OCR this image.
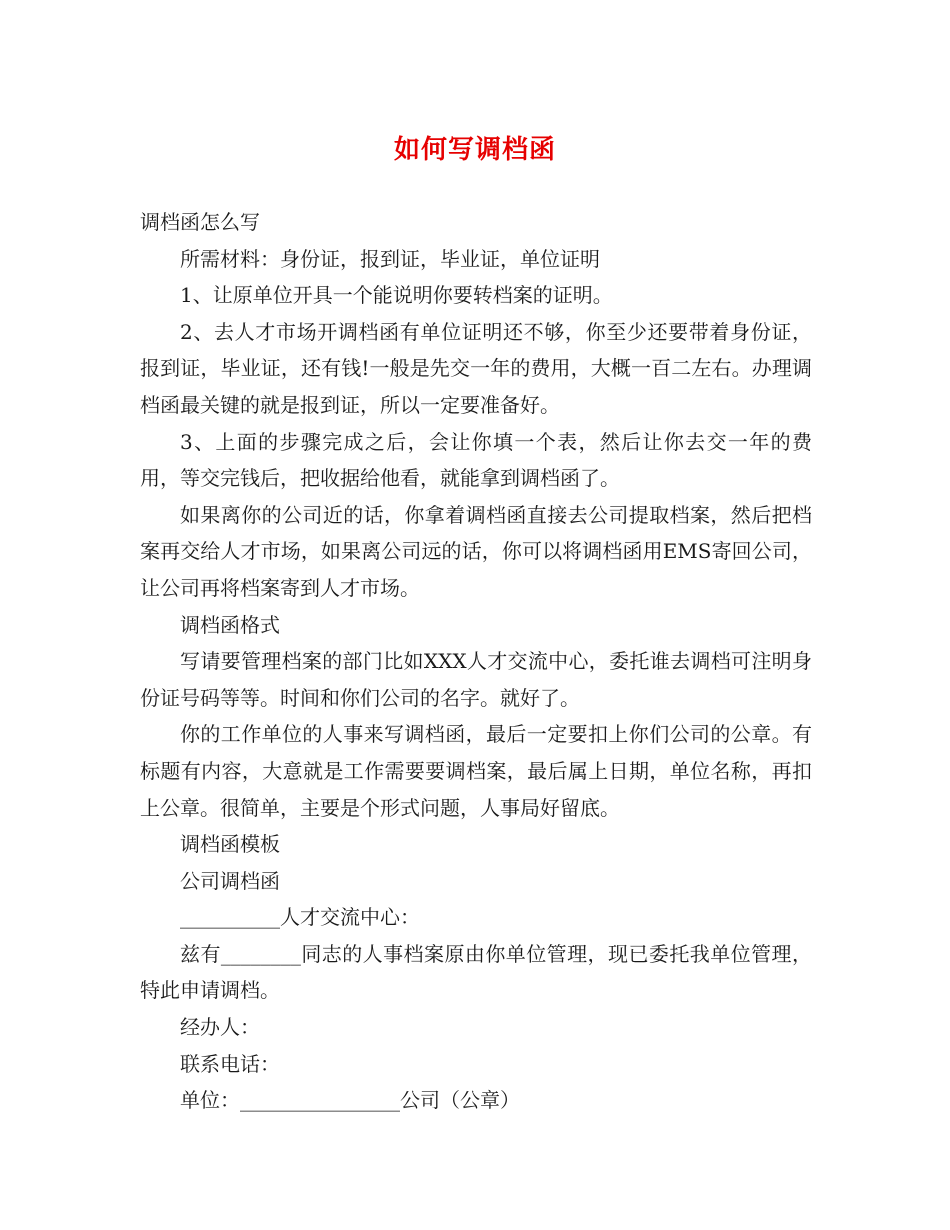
如何写调档函

调档函怎么写

所需材料：身份证，报到证，毕业证，单位证明

1、让原单位开具一个能说明你要转档案的证明。

2、去人才市场开调档函有单位证明还不够，你至少还要带着身份证，报到证，毕业证，还有钱!一般是先交一年的费用，大概一百二左右。办理调档函最关键的就是报到证，所以一定要准备好。

3、上面的步骤完成之后，会让你填一个表，然后让你去交一年的费用，等交完钱后，把收据给他看，就能拿到调档函了。

如果离你的公司近的话，你拿着调档函直接去公司提取档案，然后把档案再交给人才市场，如果离公司远的话，你可以将调档函用EMS寄回公司，让公司再将档案寄到人才市场。

调档函格式

写请要管理档案的部门比如XXX人才交流中心，委托谁去调档可注明身份证号码等等。时间和你们公司的名字。就好了。

你的工作单位的人事来写调档函，最后一定要扣上你们公司的公章。有标题有内容，大意就是工作需要要调档案，最后属上日期，单位名称，再扣上公章。很简单，主要是个形式问题，人事局好留底。

调档函模板

公司调档函

__________人才交流中心：

兹有________同志的人事档案原由你单位管理，现已委托我单位管理，特此申请调档。

经办人：

联系电话：

单位：________________公司（公章）
